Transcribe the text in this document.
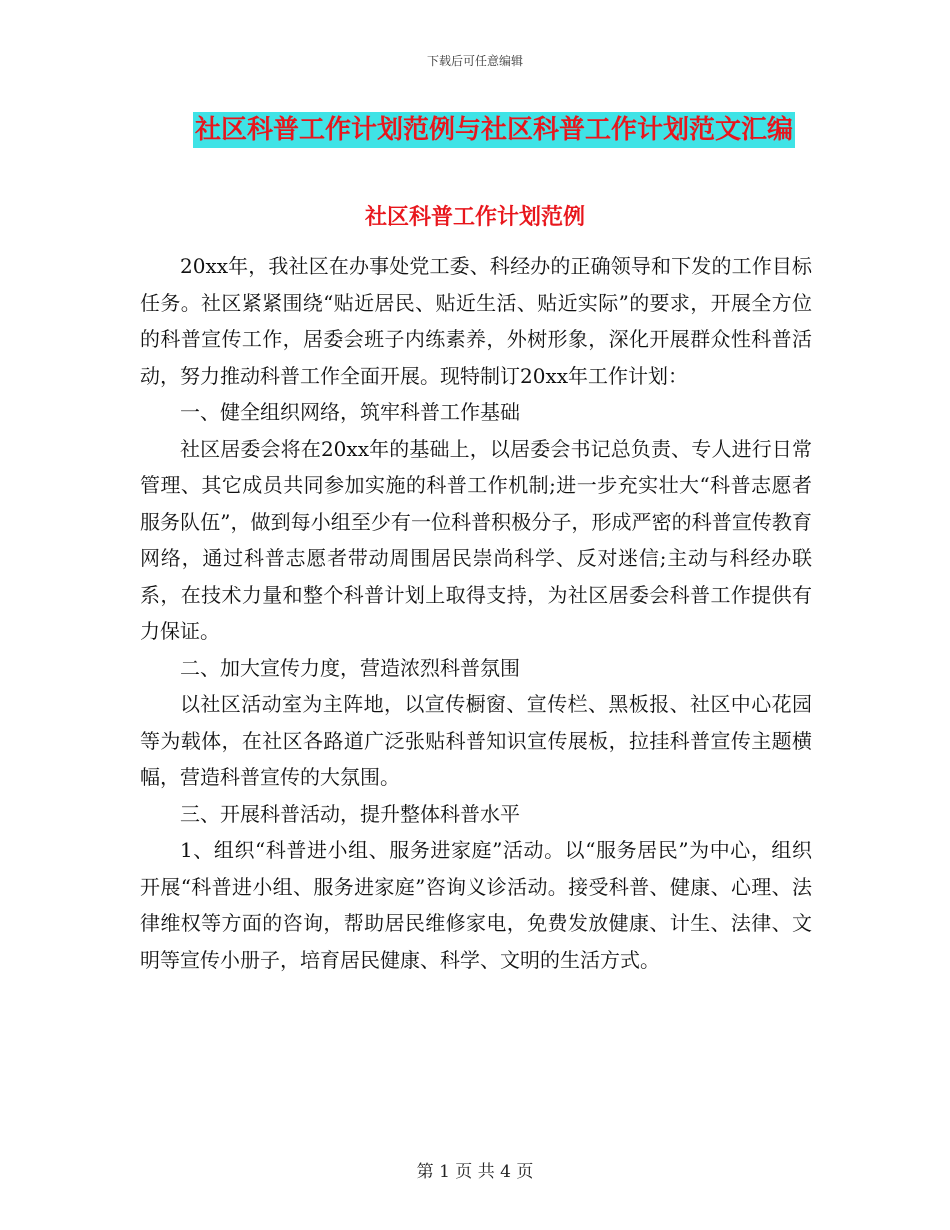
下载后可任意编辑
社区科普工作计划范例与社区科普工作计划范文汇编
社区科普工作计划范例

20xx年，我社区在办事处党工委、科经办的正确领导和下发的工作目标任务。社区紧紧围绕“贴近居民、贴近生活、贴近实际”的要求，开展全方位的科普宣传工作，居委会班子内练素养，外树形象，深化开展群众性科普活动，努力推动科普工作全面开展。现特制订20xx年工作计划：

一、健全组织网络，筑牢科普工作基础

社区居委会将在20xx年的基础上，以居委会书记总负责、专人进行日常管理、其它成员共同参加实施的科普工作机制;进一步充实壮大“科普志愿者服务队伍”，做到每小组至少有一位科普积极分子，形成严密的科普宣传教育网络，通过科普志愿者带动周围居民崇尚科学、反对迷信;主动与科经办联系，在技术力量和整个科普计划上取得支持，为社区居委会科普工作提供有力保证。

二、加大宣传力度，营造浓烈科普氛围

以社区活动室为主阵地，以宣传橱窗、宣传栏、黑板报、社区中心花园等为载体，在社区各路道广泛张贴科普知识宣传展板，拉挂科普宣传主题横幅，营造科普宣传的大氛围。

三、开展科普活动，提升整体科普水平

1、组织“科普进小组、服务进家庭”活动。以“服务居民”为中心，组织开展“科普进小组、服务进家庭”咨询义诊活动。接受科普、健康、心理、法律维权等方面的咨询，帮助居民维修家电，免费发放健康、计生、法律、文明等宣传小册子，培育居民健康、科学、文明的生活方式。

第 1 页 共 4 页
